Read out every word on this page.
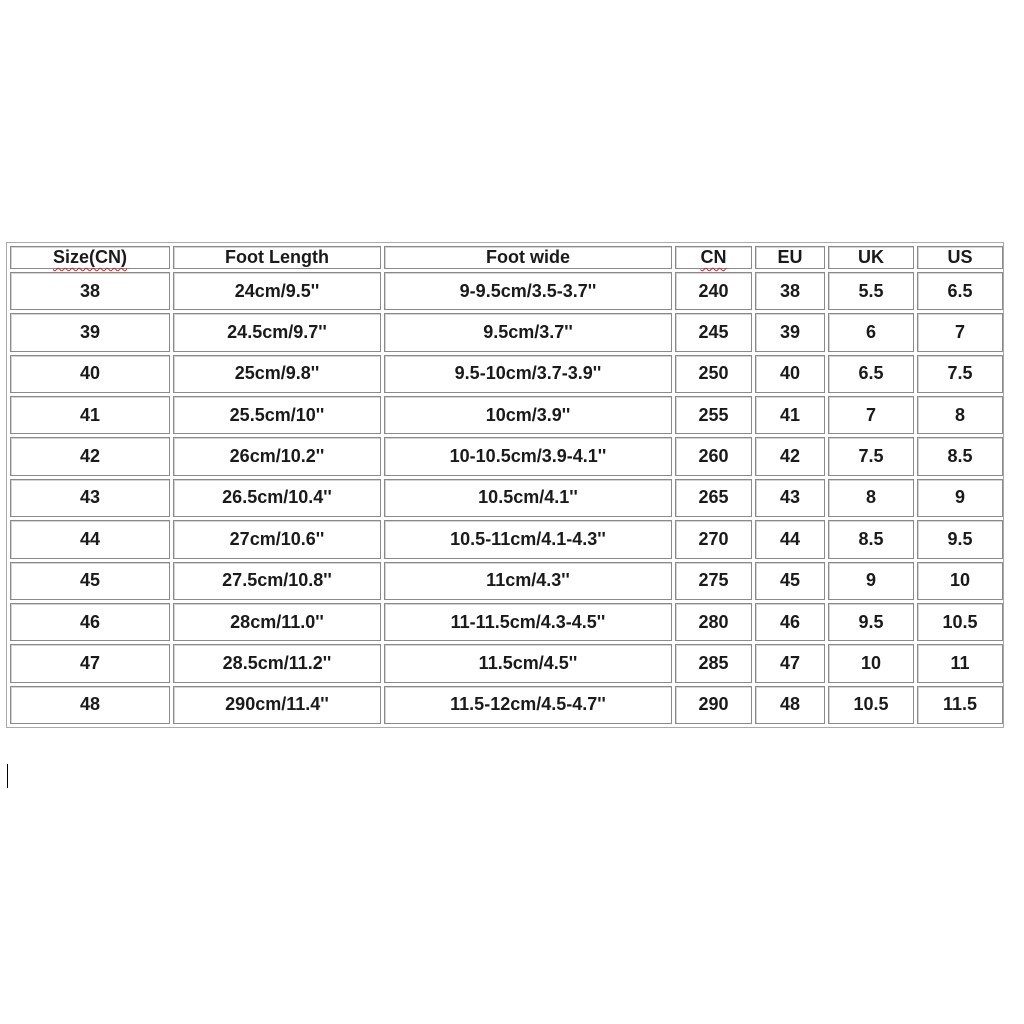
Size(CN)	Foot Length	Foot wide	CN	EU	UK	US
38	24cm/9.5''	9-9.5cm/3.5-3.7''	240	38	5.5	6.5
39	24.5cm/9.7''	9.5cm/3.7''	245	39	6	7
40	25cm/9.8''	9.5-10cm/3.7-3.9''	250	40	6.5	7.5
41	25.5cm/10''	10cm/3.9''	255	41	7	8
42	26cm/10.2''	10-10.5cm/3.9-4.1''	260	42	7.5	8.5
43	26.5cm/10.4''	10.5cm/4.1''	265	43	8	9
44	27cm/10.6''	10.5-11cm/4.1-4.3''	270	44	8.5	9.5
45	27.5cm/10.8''	11cm/4.3''	275	45	9	10
46	28cm/11.0''	11-11.5cm/4.3-4.5''	280	46	9.5	10.5
47	28.5cm/11.2''	11.5cm/4.5''	285	47	10	11
48	290cm/11.4''	11.5-12cm/4.5-4.7''	290	48	10.5	11.5
